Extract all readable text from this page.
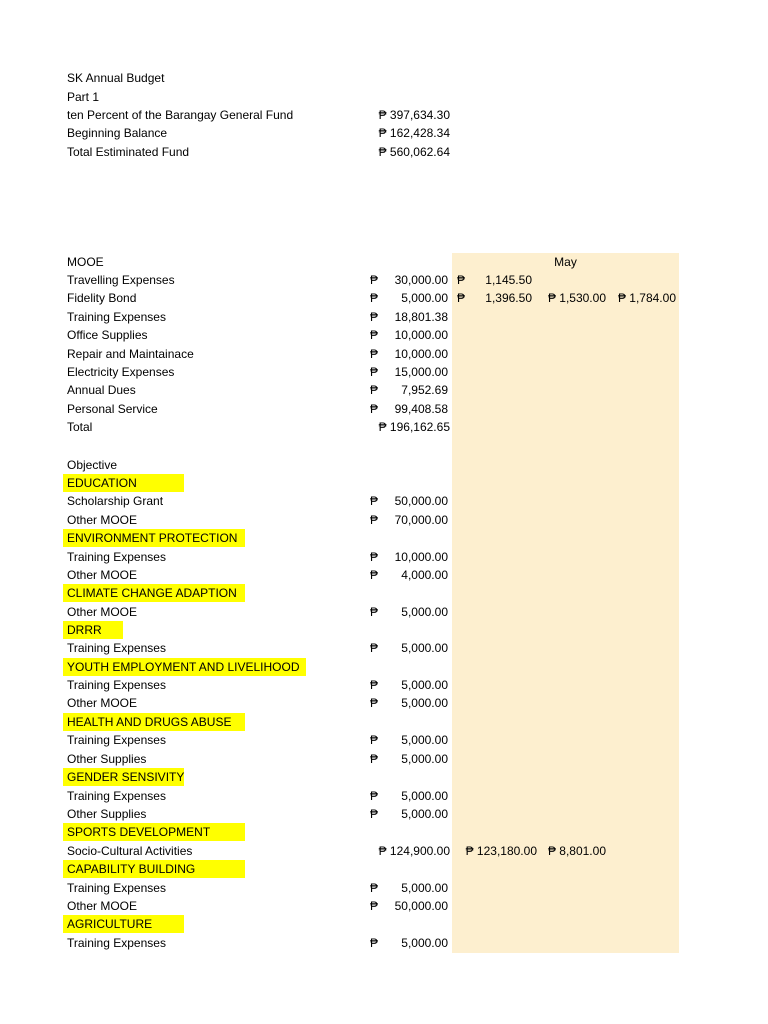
SK Annual Budget
Part 1
ten Percent of the Barangay General Fund	₱ 397,634.30
Beginning Balance	₱ 162,428.34
Total Estiminated Fund	₱ 560,062.64
MOOE	May
Travelling Expenses	₱	30,000.00 ₱	1,145.50
Fidelity Bond	₱	5,000.00 ₱	1,396.50	₱ 1,530.00 ₱ 1,784.00
Training Expenses	₱	18,801.38
Office Supplies	₱	10,000.00
Repair and Maintainace	₱	10,000.00
Electricity Expenses	₱	15,000.00
Annual Dues	₱	7,952.69
Personal Service	₱	99,408.58
Total	₱ 196,162.65
Objective
EDUCATION
Scholarship Grant	₱	50,000.00
Other MOOE	₱	70,000.00
ENVIRONMENT PROTECTION
Training Expenses	₱	10,000.00
Other MOOE	₱	4,000.00
CLIMATE CHANGE ADAPTION
Other MOOE	₱	5,000.00
DRRR
Training Expenses	₱	5,000.00
YOUTH EMPLOYMENT AND LIVELIHOOD
Training Expenses	₱	5,000.00
Other MOOE	₱	5,000.00
HEALTH AND DRUGS ABUSE
Training Expenses	₱	5,000.00
Other Supplies	₱	5,000.00
GENDER SENSIVITY
Training Expenses	₱	5,000.00
Other Supplies	₱	5,000.00
SPORTS DEVELOPMENT
Socio-Cultural Activities	₱ 124,900.00	₱ 123,180.00 ₱ 8,801.00
CAPABILITY BUILDING
Training Expenses	₱	5,000.00
Other MOOE	₱	50,000.00
AGRICULTURE
Training Expenses	₱	5,000.00
